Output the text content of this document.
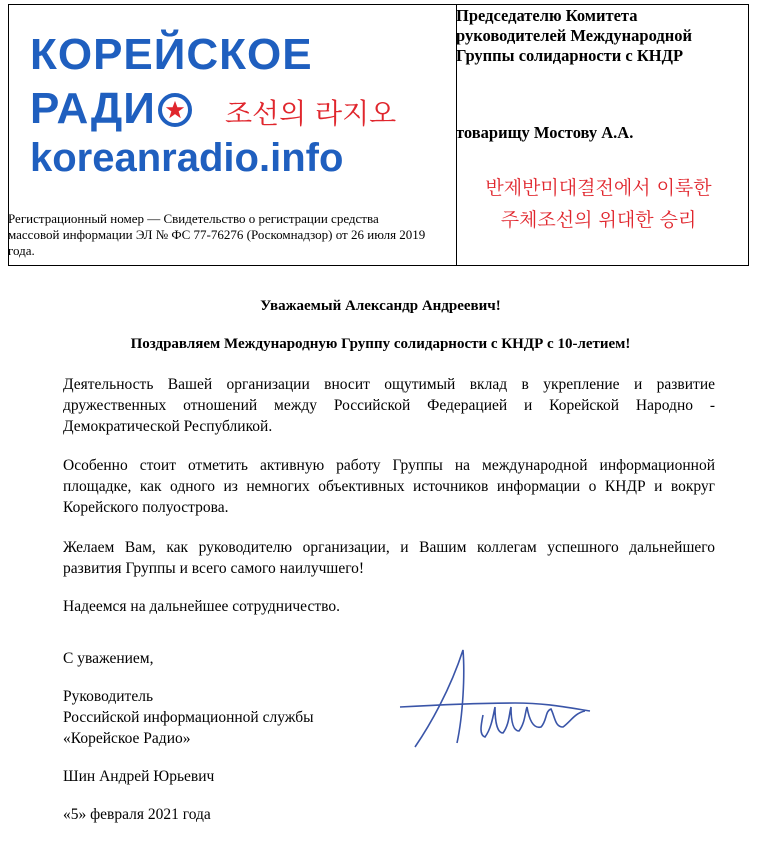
КОРЕЙСКОЕ
РАДИ	조선의 라지오
koreanradio.info
Регистрационный номер — Свидетельство о регистрации средства массовой информации ЭЛ № ФС 77-76276 (Роскомнадзор) от 26 июля 2019 года.
Председателю Комитета руководителей Международной Группы солидарности с КНДР
товарищу Мостову А.А.
반제반미대결전에서 이룩한
주체조선의 위대한 승리
Уважаемый Александр Андреевич!
Поздравляем Международную Группу солидарности с КНДР с 10-летием!
Деятельность Вашей организации вносит ощутимый вклад в укрепление и развитие дружественных отношений между Российской Федерацией и Корейской Народно - Демократической Республикой.
Особенно стоит отметить активную работу Группы на международной информационной площадке, как одного из немногих объективных источников информации о КНДР и вокруг Корейского полуострова.
Желаем Вам, как руководителю организации, и Вашим коллегам успешного дальнейшего развития Группы и всего самого наилучшего!
Надеемся на дальнейшее сотрудничество.
С уважением,
Руководитель
Российской информационной службы
«Корейское Радио»
Шин Андрей Юрьевич
«5» февраля 2021 года
